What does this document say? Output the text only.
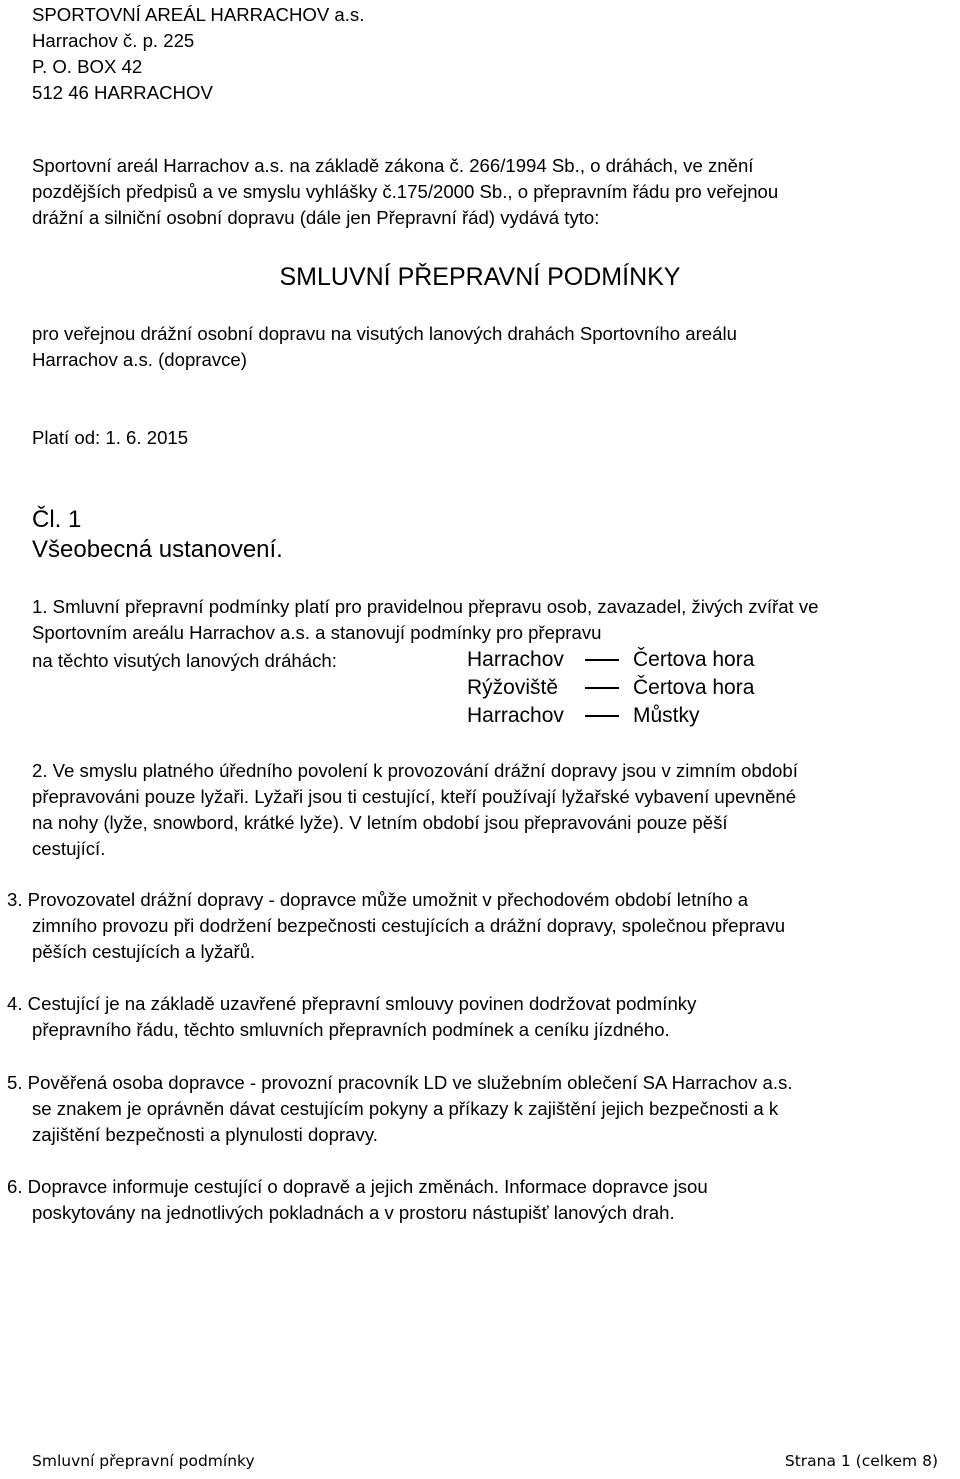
SPORTOVNÍ AREÁL HARRACHOV a.s.
Harrachov č. p. 225
P. O. BOX 42
512 46 HARRACHOV
Sportovní areál Harrachov a.s. na základě zákona č. 266/1994 Sb., o dráhách, ve znění
pozdějších předpisů a ve smyslu vyhlášky č.175/2000 Sb., o přepravním řádu pro veřejnou
drážní a silniční osobní dopravu (dále jen Přepravní řád) vydává tyto:
SMLUVNÍ PŘEPRAVNÍ PODMÍNKY
pro veřejnou drážní osobní dopravu na visutých lanových drahách Sportovního areálu
Harrachov a.s. (dopravce)
Platí od: 1. 6. 2015
Čl. 1
Všeobecná ustanovení.
1. Smluvní přepravní podmínky platí pro pravidelnou přepravu osob, zavazadel, živých zvířat ve
Sportovním areálu Harrachov a.s. a stanovují podmínky pro přepravu
na těchto visutých lanových dráhách:	Harrachov	Čertova hora
Rýžoviště	Čertova hora
Harrachov	Můstky
2. Ve smyslu platného úředního povolení k provozování drážní dopravy jsou v zimním období
přepravováni pouze lyžaři. Lyžaři jsou ti cestující, kteří používají lyžařské vybavení upevněné
na nohy (lyže, snowbord, krátké lyže). V letním období jsou přepravováni pouze pěší
cestující.
3. Provozovatel drážní dopravy - dopravce může umožnit v přechodovém období letního a
zimního provozu při dodržení bezpečnosti cestujících a drážní dopravy, společnou přepravu
pěších cestujících a lyžařů.
4. Cestující je na základě uzavřené přepravní smlouvy povinen dodržovat podmínky
přepravního řádu, těchto smluvních přepravních podmínek a ceníku jízdného.
5. Pověřená osoba dopravce - provozní pracovník LD ve služebním oblečení SA Harrachov a.s.
se znakem je oprávněn dávat cestujícím pokyny a příkazy k zajištění jejich bezpečnosti a k
zajištění bezpečnosti a plynulosti dopravy.
6. Dopravce informuje cestující o dopravě a jejich změnách. Informace dopravce jsou
poskytovány na jednotlivých pokladnách a v prostoru nástupišť lanových drah.
Smluvní přepravní podmínky	Strana 1 (celkem 8)
